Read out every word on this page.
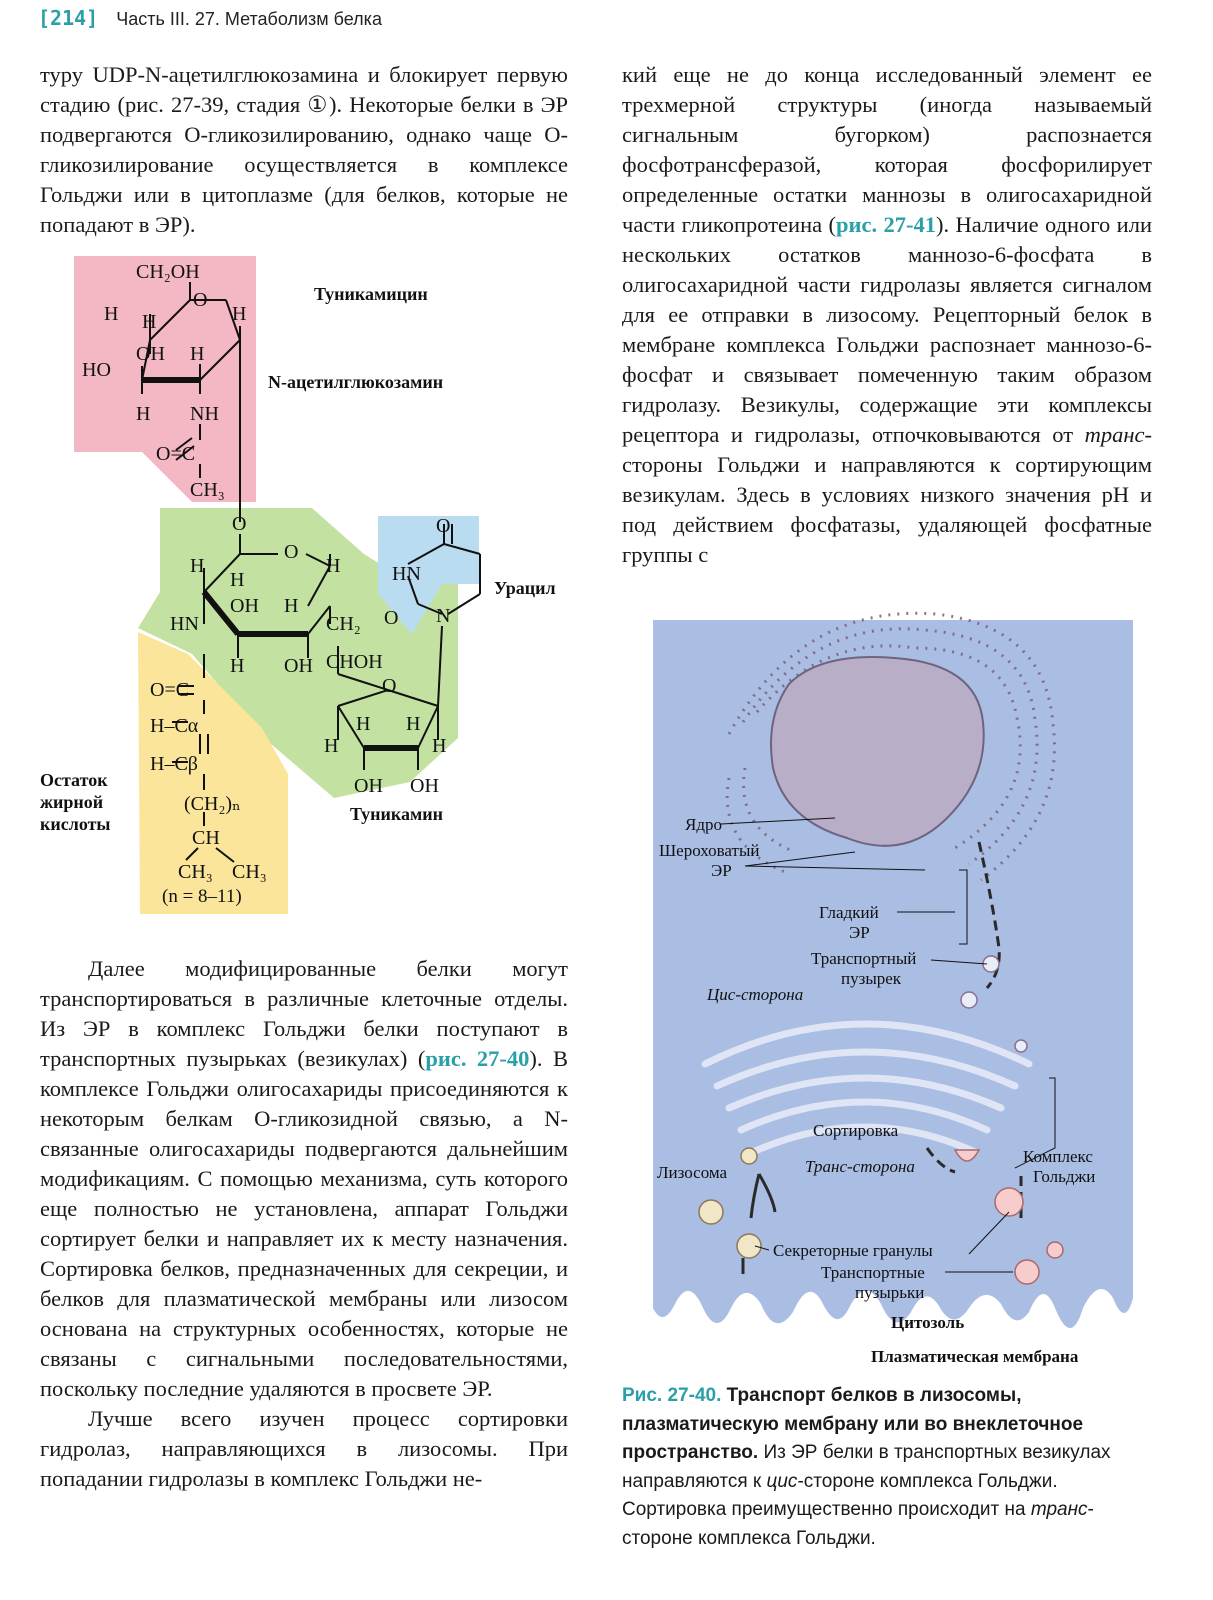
[214] Часть III. 27. Метаболизм белка

туру UDP-N-ацетилглюкозамина и блокирует первую стадию (рис. 27-39, стадия ①). Некоторые белки в ЭР подвергаются О-гликозилированию, однако чаще О-гликозилирование осуществляется в комплексе Гольджи или в цитоплазме (для белков, которые не попадают в ЭР).

кий еще не до конца исследованный элемент ее трехмерной структуры (иногда называемый сигнальным бугорком) распознается фосфотрансферазой, которая фосфорилирует определенные остатки маннозы в олигосахаридной части гликопротеина (рис. 27-41). Наличие одного или нескольких остатков маннозо-6-фосфата в олигосахаридной части гидролазы является сигналом для ее отправки в лизосому. Рецепторный белок в мембране комплекса Гольджи распознает маннозо-6-фосфат и связывает помеченную таким образом гидролазу. Везикулы, содержащие эти комплексы рецептора и гидролазы, отпочковываются от транс-стороны Гольджи и направляются к сортирующим везикулам. Здесь в условиях низкого значения pH и под действием фосфатазы, удаляющей фосфатные группы с

Далее модифицированные белки могут транспортироваться в различные клеточные отделы. Из ЭР в комплекс Гольджи белки поступают в транспортных пузырьках (везикулах) (рис. 27-40). В комплексе Гольджи олигосахариды присоединяются к некоторым белкам О-гликозидной связью, а N-связанные олигосахариды подвергаются дальнейшим модификациям. С помощью механизма, суть которого еще полностью не установлена, аппарат Гольджи сортирует белки и направляет их к месту назначения. Сортировка белков, предназначенных для секреции, и белков для плазматической мембраны или лизосом основана на структурных особенностях, которые не связаны с сигнальными последовательностями, поскольку последние удаляются в просвете ЭР.

Лучше всего изучен процесс сортировки гидролаз, направляющихся в лизосомы. При попадании гидролазы в комплекс Гольджи не-

CH₂OH
O
H H	H
OH H
HO
H NH
O=C
CH₃
O
O
H
H
H
OH H
HN	CH₂
H OH CHOH
O=C
H–Cα
H–Cβ
(CH₂)ₙ
CH
CH₃ CH₃
O
H H
H	H
OH OH
O
HN
O N
Туникамицин
N-ацетилглюкозамин
Урацил
Туникамин
Остаток
жирной
кислоты
(n = 8–11)
Ядро
Шероховатый
ЭР
Гладкий
ЭР
Транспортный
пузырек
Цис-сторона
Сортировка
Транс-сторона
Лизосома
Комплекс
Гольджи
Секреторные гранулы
Транспортные
пузырьки
Цитозоль
Плазматическая мембрана
Рис. 27-40. Транспорт белков в лизосомы, плазматическую мембрану или во внеклеточное пространство. Из ЭР белки в транспортных везикулах направляются к цис-стороне комплекса Гольджи. Сортировка преимущественно происходит на транс-стороне комплекса Гольджи.
